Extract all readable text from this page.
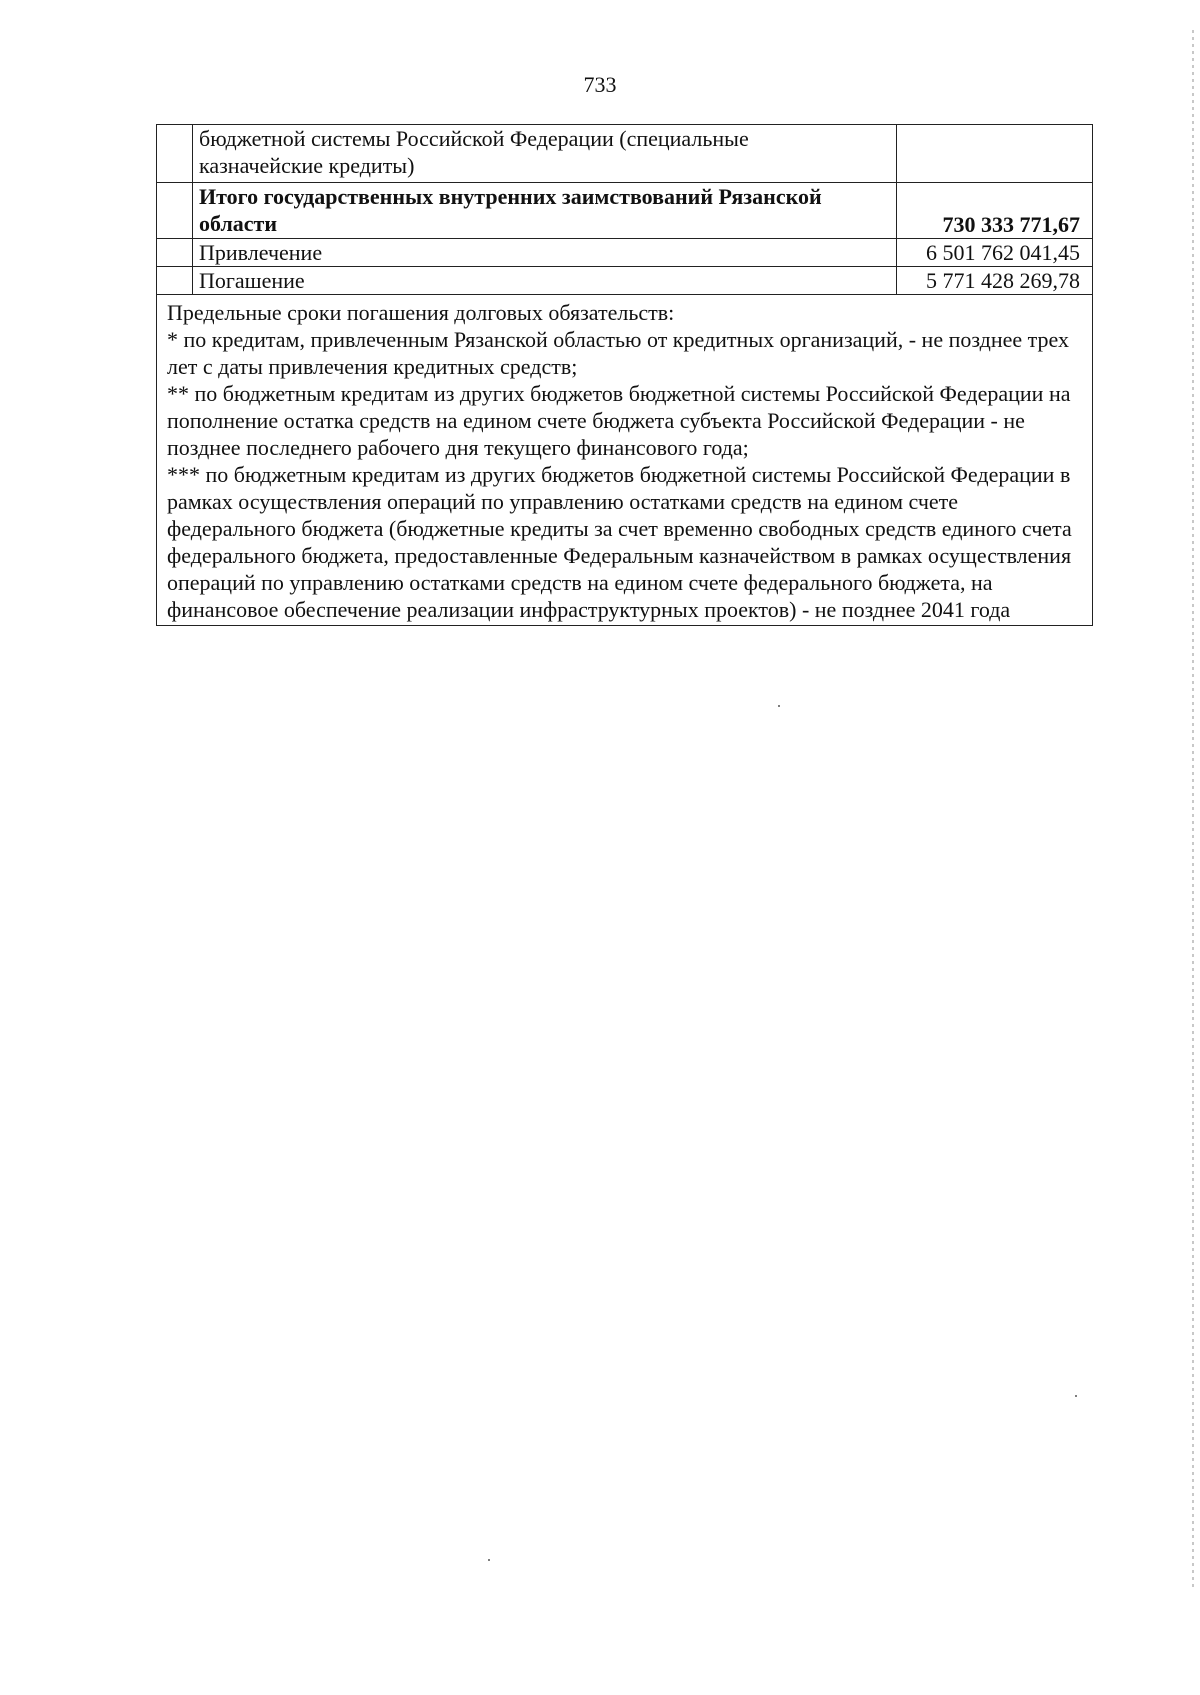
733
	бюджетной системы Российской Федерации (специальные казначейские кредиты)	
	Итого государственных внутренних заимствований Рязанской области	730 333 771,67
	Привлечение	6 501 762 041,45
	Погашение	5 771 428 269,78

Предельные сроки погашения долговых обязательств:

* по кредитам, привлеченным Рязанской областью от кредитных организаций, - не позднее трех лет с даты привлечения кредитных средств;

** по бюджетным кредитам из других бюджетов бюджетной системы Российской Федерации на пополнение остатка средств на едином счете бюджета субъекта Российской Федерации - не позднее последнего рабочего дня текущего финансового года;

*** по бюджетным кредитам из других бюджетов бюджетной системы Российской Федерации в рамках осуществления операций по управлению остатками средств на едином счете федерального бюджета (бюджетные кредиты за счет временно свободных средств единого счета федерального бюджета, предоставленные Федеральным казначейством в рамках осуществления операций по управлению остатками средств на едином счете федерального бюджета, на финансовое обеспечение реализации инфраструктурных проектов) - не позднее 2041 года		
